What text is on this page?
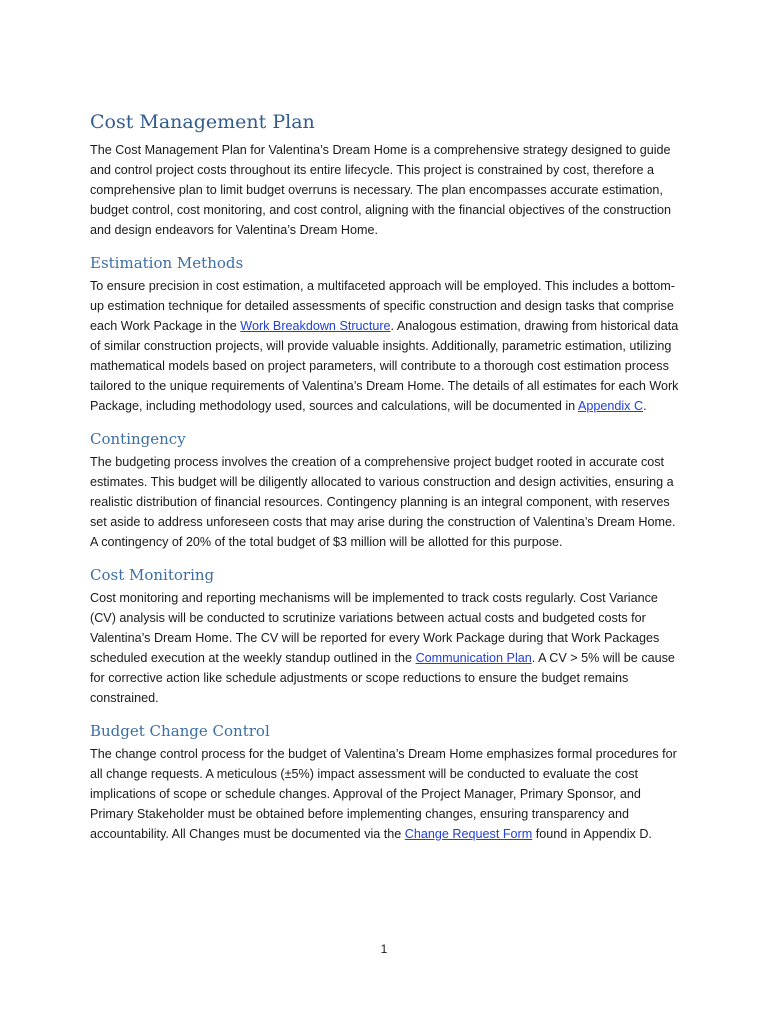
Cost Management Plan

The Cost Management Plan for Valentina’s Dream Home is a comprehensive strategy designed to guide and control project costs throughout its entire lifecycle. This project is constrained by cost, therefore a comprehensive plan to limit budget overruns is necessary. The plan encompasses accurate estimation, budget control, cost monitoring, and cost control, aligning with the financial objectives of the construction and design endeavors for Valentina’s Dream Home.

Estimation Methods

To ensure precision in cost estimation, a multifaceted approach will be employed. This includes a bottom-up estimation technique for detailed assessments of specific construction and design tasks that comprise each Work Package in the Work Breakdown Structure. Analogous estimation, drawing from historical data of similar construction projects, will provide valuable insights. Additionally, parametric estimation, utilizing mathematical models based on project parameters, will contribute to a thorough cost estimation process tailored to the unique requirements of Valentina’s Dream Home. The details of all estimates for each Work Package, including methodology used, sources and calculations, will be documented in Appendix C.

Contingency

The budgeting process involves the creation of a comprehensive project budget rooted in accurate cost estimates. This budget will be diligently allocated to various construction and design activities, ensuring a realistic distribution of financial resources. Contingency planning is an integral component, with reserves set aside to address unforeseen costs that may arise during the construction of Valentina’s Dream Home. A contingency of 20% of the total budget of $3 million will be allotted for this purpose.

Cost Monitoring

Cost monitoring and reporting mechanisms will be implemented to track costs regularly. Cost Variance (CV) analysis will be conducted to scrutinize variations between actual costs and budgeted costs for Valentina’s Dream Home. The CV will be reported for every Work Package during that Work Packages scheduled execution at the weekly standup outlined in the Communication Plan. A CV > 5% will be cause for corrective action like schedule adjustments or scope reductions to ensure the budget remains constrained.

Budget Change Control

The change control process for the budget of Valentina’s Dream Home emphasizes formal procedures for all change requests. A meticulous (±5%) impact assessment will be conducted to evaluate the cost implications of scope or schedule changes. Approval of the Project Manager, Primary Sponsor, and Primary Stakeholder must be obtained before implementing changes, ensuring transparency and accountability. All Changes must be documented via the Change Request Form found in Appendix D.

1
